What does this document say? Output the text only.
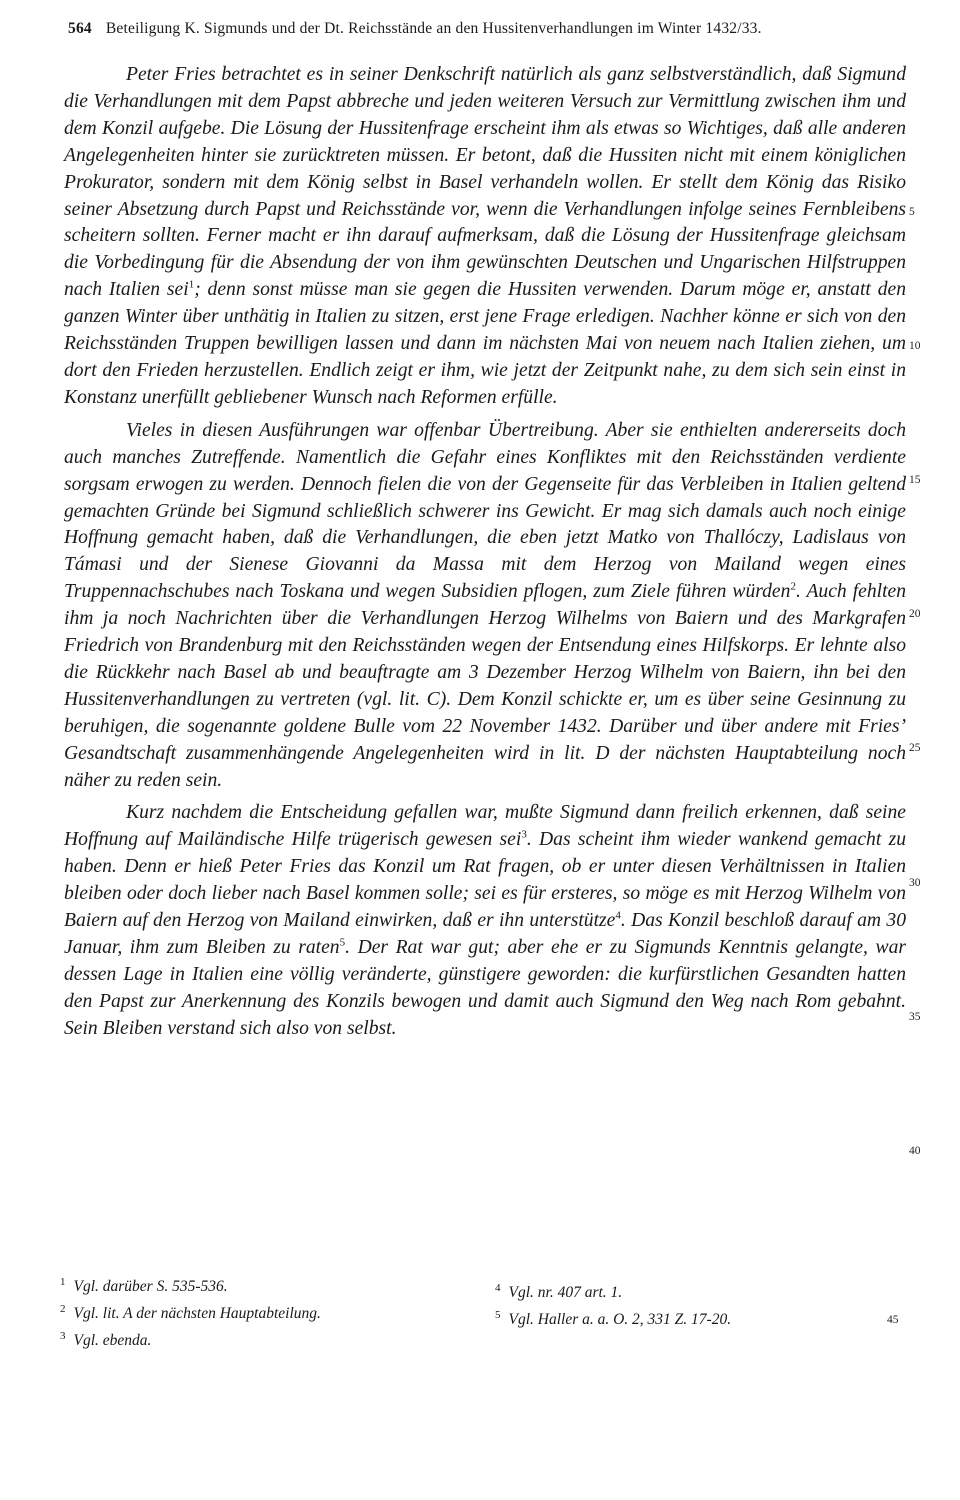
564 Beteiligung K. Sigmunds und der Dt. Reichsstände an den Hussitenverhandlungen im Winter 1432/33.

Peter Fries betrachtet es in seiner Denkschrift natürlich als ganz selbstverständlich, daß Sigmund die Verhandlungen mit dem Papst abbreche und jeden weiteren Versuch zur Vermittlung zwischen ihm und dem Konzil aufgebe. Die Lösung der Hussitenfrage erscheint ihm als etwas so Wichtiges, daß alle anderen Angelegenheiten hinter sie zurücktreten müssen. Er betont, daß die Hussiten nicht mit einem königlichen Prokurator, sondern mit dem König selbst in Basel verhandeln wollen. Er stellt dem König das Risiko seiner Absetzung durch Papst und Reichsstände vor, wenn die Verhandlungen infolge seines Fernbleibens scheitern sollten. Ferner macht er ihn darauf aufmerksam, daß die Lösung der Hussitenfrage gleichsam die Vorbedingung für die Absendung der von ihm gewünschten Deutschen und Ungarischen Hilfstruppen nach Italien sei$^1$; denn sonst müsse man sie gegen die Hussiten verwenden. Darum möge er, anstatt den ganzen Winter über unthätig in Italien zu sitzen, erst jene Frage erledigen. Nachher könne er sich von den Reichsständen Truppen bewilligen lassen und dann im nächsten Mai von neuem nach Italien ziehen, um dort den Frieden herzustellen. Endlich zeigt er ihm, wie jetzt der Zeitpunkt nahe, zu dem sich sein einst in Konstanz unerfüllt gebliebener Wunsch nach Reformen erfülle.

Vieles in diesen Ausführungen war offenbar Übertreibung. Aber sie enthielten andererseits doch auch manches Zutreffende. Namentlich die Gefahr eines Konfliktes mit den Reichsständen verdiente sorgsam erwogen zu werden. Dennoch fielen die von der Gegenseite für das Verbleiben in Italien geltend gemachten Gründe bei Sigmund schließlich schwerer ins Gewicht. Er mag sich damals auch noch einige Hoffnung gemacht haben, daß die Verhandlungen, die eben jetzt Matko von Thallóczy, Ladislaus von Támasi und der Sienese Giovanni da Massa mit dem Herzog von Mailand wegen eines Truppennachschubes nach Toskana und wegen Subsidien pflogen, zum Ziele führen würden$^2$. Auch fehlten ihm ja noch Nachrichten über die Verhandlungen Herzog Wilhelms von Baiern und des Markgrafen Friedrich von Brandenburg mit den Reichsständen wegen der Entsendung eines Hilfskorps. Er lehnte also die Rückkehr nach Basel ab und beauftragte am 3 Dezember Herzog Wilhelm von Baiern, ihn bei den Hussitenverhandlungen zu vertreten (vgl. lit. C). Dem Konzil schickte er, um es über seine Gesinnung zu beruhigen, die sogenannte goldene Bulle vom 22 November 1432. Darüber und über andere mit Fries’ Gesandtschaft zusammenhängende Angelegenheiten wird in lit. D der nächsten Hauptabteilung noch näher zu reden sein.

Kurz nachdem die Entscheidung gefallen war, mußte Sigmund dann freilich erkennen, daß seine Hoffnung auf Mailändische Hilfe trügerisch gewesen sei$^3$. Das scheint ihm wieder wankend gemacht zu haben. Denn er hieß Peter Fries das Konzil um Rat fragen, ob er unter diesen Verhältnissen in Italien bleiben oder doch lieber nach Basel kommen solle; sei es für ersteres, so möge es mit Herzog Wilhelm von Baiern auf den Herzog von Mailand einwirken, daß er ihn unterstütze$^4$. Das Konzil beschloß darauf am 30 Januar, ihm zum Bleiben zu raten$^5$. Der Rat war gut; aber ehe er zu Sigmunds Kenntnis gelangte, war dessen Lage in Italien eine völlig veränderte, günstigere geworden: die kurfürstlichen Gesandten hatten den Papst zur Anerkennung des Konzils bewogen und damit auch Sigmund den Weg nach Rom gebahnt. Sein Bleiben verstand sich also von selbst.

5
10
15
20
25
30
35
40
$^1$ Vgl. darüber S. 535-536.
$^2$ Vgl. lit. A der nächsten Hauptabteilung.
$^3$ Vgl. ebenda.
$^4$ Vgl. nr. 407 art. 1.
$^5$ Vgl. Haller a. a. O. 2, 331 Z. 17-20.	45
